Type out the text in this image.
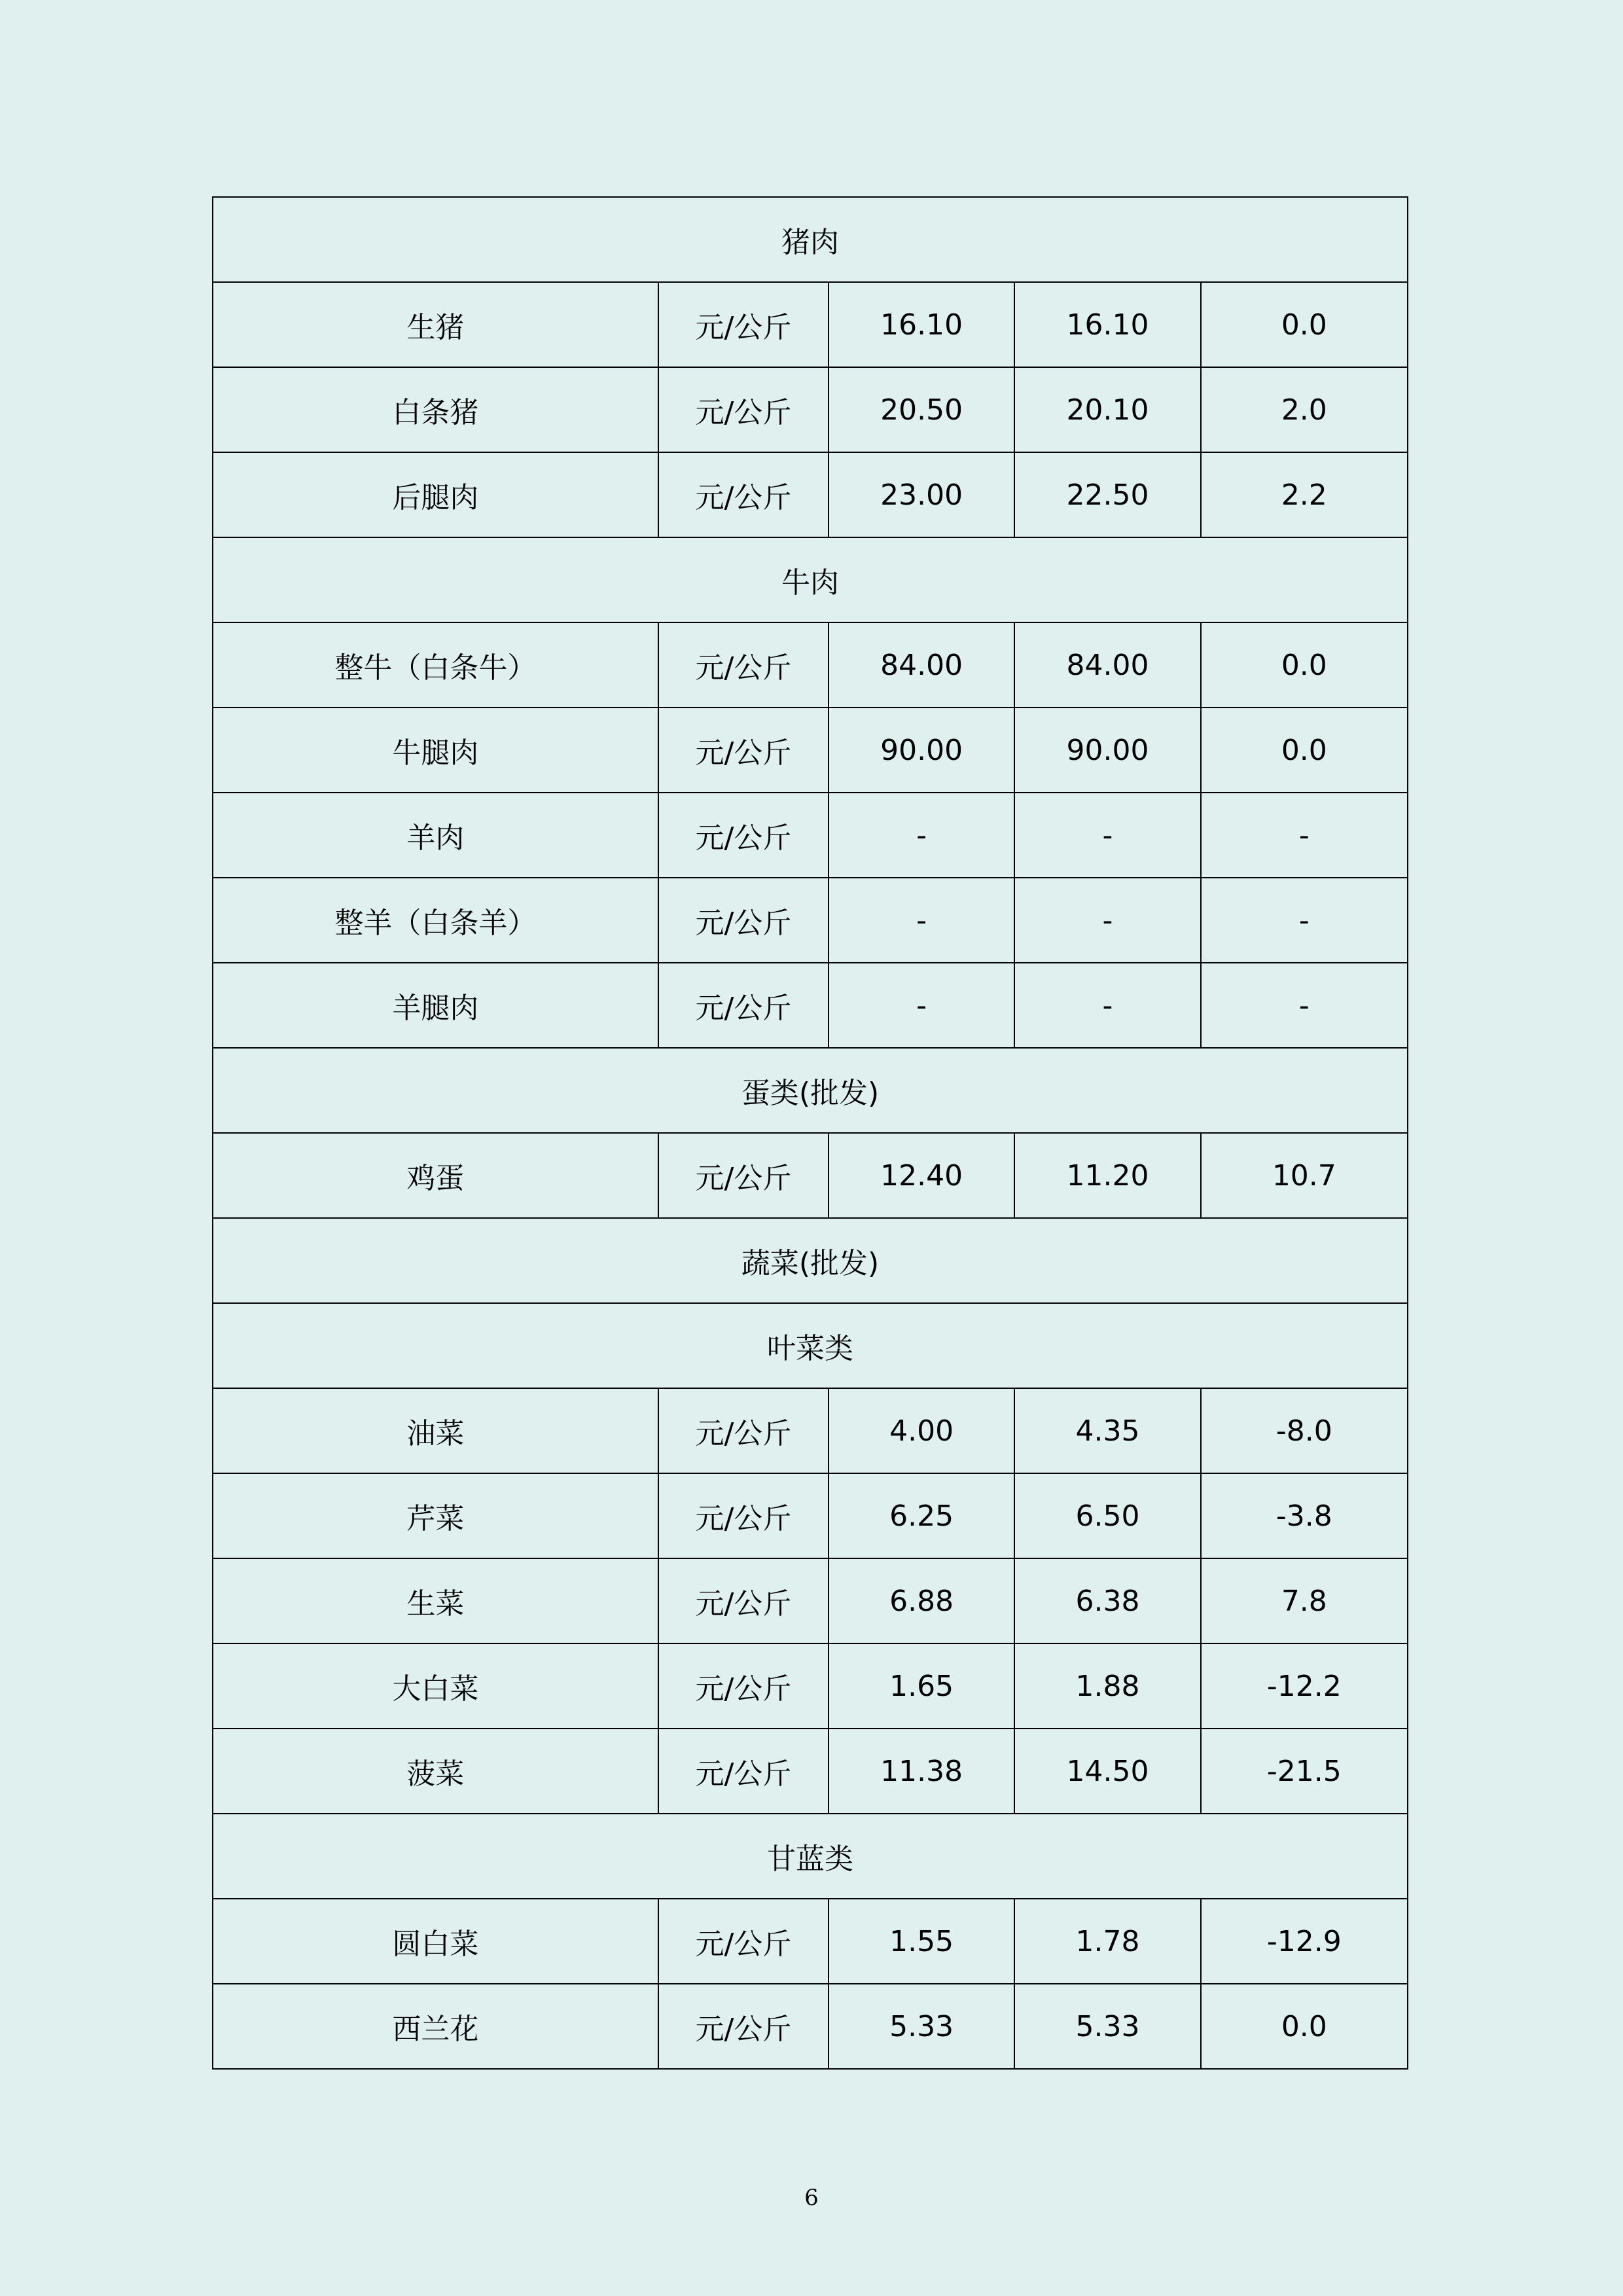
猪肉				
生猪	元/公斤	16.10	16.10	0.0
白条猪	元/公斤	20.50	20.10	2.0
后腿肉	元/公斤	23.00	22.50	2.2
牛肉				
整牛（白条牛）	元/公斤	84.00	84.00	0.0
牛腿肉	元/公斤	90.00	90.00	0.0
羊肉	元/公斤	-	-	-
整羊（白条羊）	元/公斤	-	-	-
羊腿肉	元/公斤	-	-	-
蛋类(批发)				
鸡蛋	元/公斤	12.40	11.20	10.7
蔬菜(批发)				
叶菜类				
油菜	元/公斤	4.00	4.35	-8.0
芹菜	元/公斤	6.25	6.50	-3.8
生菜	元/公斤	6.88	6.38	7.8
大白菜	元/公斤	1.65	1.88	-12.2
菠菜	元/公斤	11.38	14.50	-21.5
甘蓝类				
圆白菜	元/公斤	1.55	1.78	-12.9
西兰花	元/公斤	5.33	5.33	0.0
6
